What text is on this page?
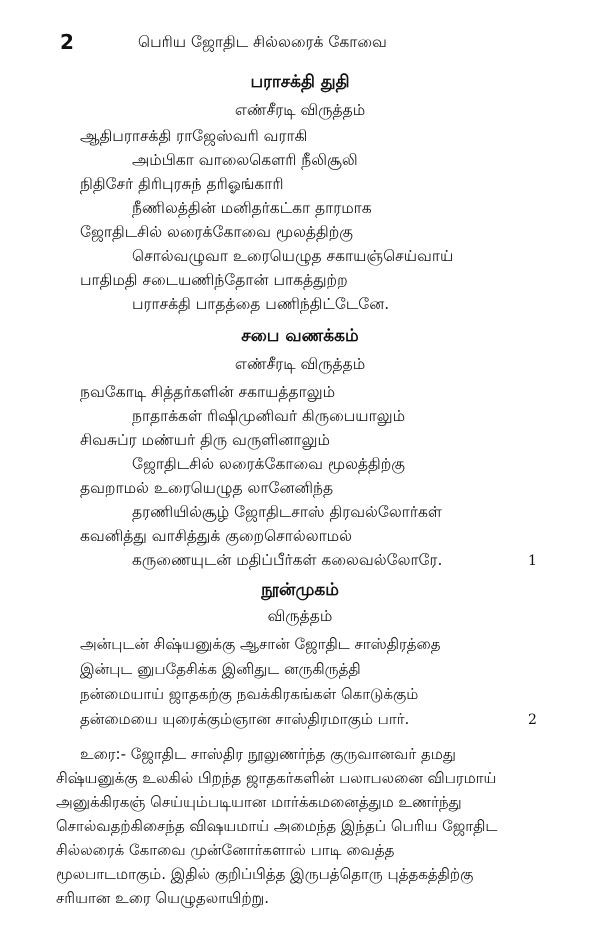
2	பெரிய ஜோதிட சில்லரைக் கோவை
பராசக்தி துதி
எண்சீரடி விருத்தம்
ஆதிபராசக்தி ராஜேஸ்வரி வராகி
அம்பிகா வாலைகௌரி நீலிசூலி
நிதிசேர் திரிபுரசுந் தரிஓங்காரி
நீணிலத்தின் மனிதர்கட்கா தாரமாக
ஜோதிடசில் லரைக்கோவை மூலத்திற்கு
சொல்வழுவா உரையெழுத சகாயஞ்செய்வாய்
பாதிமதி சடையணிந்தோன் பாகத்துற்ற
பராசக்தி பாதத்தை பணிந்திட்டேனே.
சபை வணக்கம்
எண்சீரடி விருத்தம்
நவகோடி சித்தர்களின் சகாயத்தாலும்
நாதாக்கள் ரிஷிமுனிவர் கிருபையாலும்
சிவசுப்ர மண்யர் திரு வருளினாலும்
ஜோதிடசில் லரைக்கோவை மூலத்திற்கு
தவறாமல் உரையெழுத லானேனிந்த
தரணியில்சூழ் ஜோதிடசாஸ் திரவல்லோர்கள்
கவனித்து வாசித்துக் குறைசொல்லாமல்
கருணையுடன் மதிப்பீர்கள் கலைவல்லோரே.	1
நூன்முகம்
விருத்தம்
அன்புடன் சிஷ்யனுக்கு ஆசான் ஜோதிட சாஸ்திரத்தை
இன்புட னுபதேசிக்க இனிதுட னருகிருத்தி
நன்மையாய் ஜாதகற்கு நவக்கிரகங்கள் கொடுக்கும்
தன்மையை யுரைக்கும்ஞான சாஸ்திரமாகும் பார்.	2
உரை:- ஜோதிட சாஸ்திர நூலுணர்ந்த குருவானவர் தமது
சிஷ்யனுக்கு உலகில் பிறந்த ஜாதகர்களின் பலாபலனை விபரமாய்
அனுக்கிரகஞ் செய்யும்படியான மார்க்கமனைத்தும உணர்ந்து
சொல்வதற்கிசைந்த விஷயமாய் அமைந்த இந்தப் பெரிய ஜோதிட
சில்லரைக் கோவை முன்னோர்களால் பாடி வைத்த
மூலபாடமாகும். இதில் குறிப்பித்த இருபத்தொரு புத்தகத்திற்கு
சரியான உரை யெழுதலாயிற்று.
